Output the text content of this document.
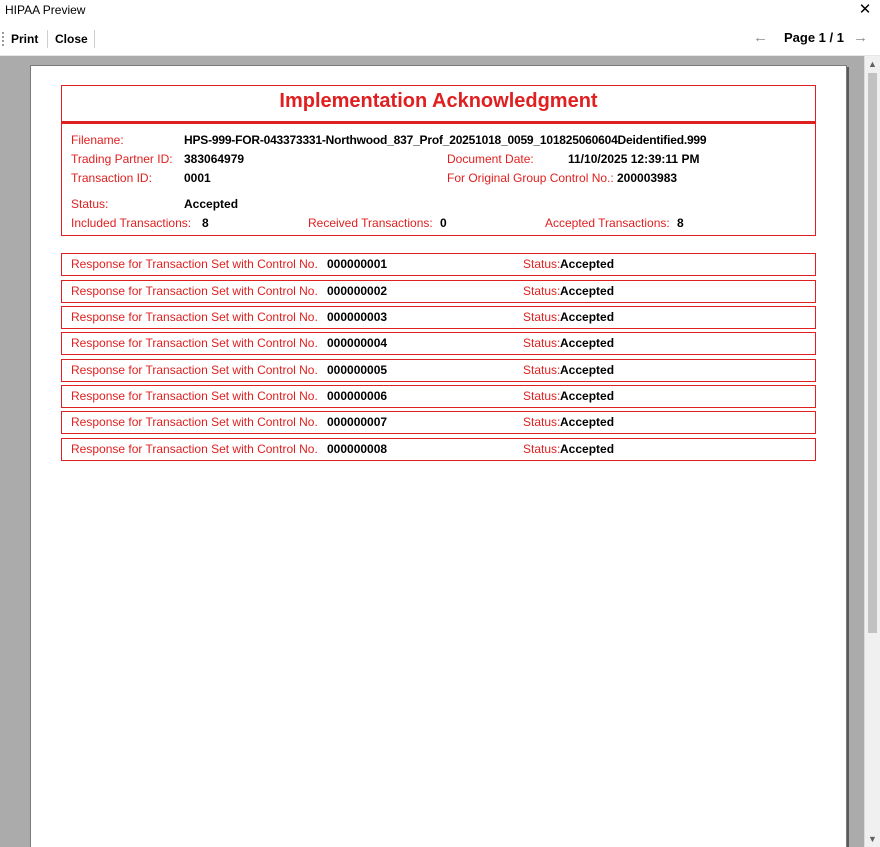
HIPAA Preview	✕
Print Close	← Page 1 / 1 →
Implementation Acknowledgment
Filename:	HPS-999-FOR-043373331-Northwood_837_Prof_20251018_0059_101825060604Deidentified.999
Trading Partner ID: 383064979	Document Date:	11/10/2025 12:39:11 PM
Transaction ID:	0001	For Original Group Control No.: 200003983
Status:	Accepted
Included Transactions: 8	Received Transactions: 0	Accepted Transactions: 8
Response for Transaction Set with Control No. 000000001	Status: Accepted
Response for Transaction Set with Control No. 000000002	Status: Accepted
Response for Transaction Set with Control No. 000000003	Status: Accepted
Response for Transaction Set with Control No. 000000004	Status: Accepted
Response for Transaction Set with Control No. 000000005	Status: Accepted
Response for Transaction Set with Control No. 000000006	Status: Accepted
Response for Transaction Set with Control No. 000000007	Status: Accepted
Response for Transaction Set with Control No. 000000008	Status: Accepted
▲
▼
